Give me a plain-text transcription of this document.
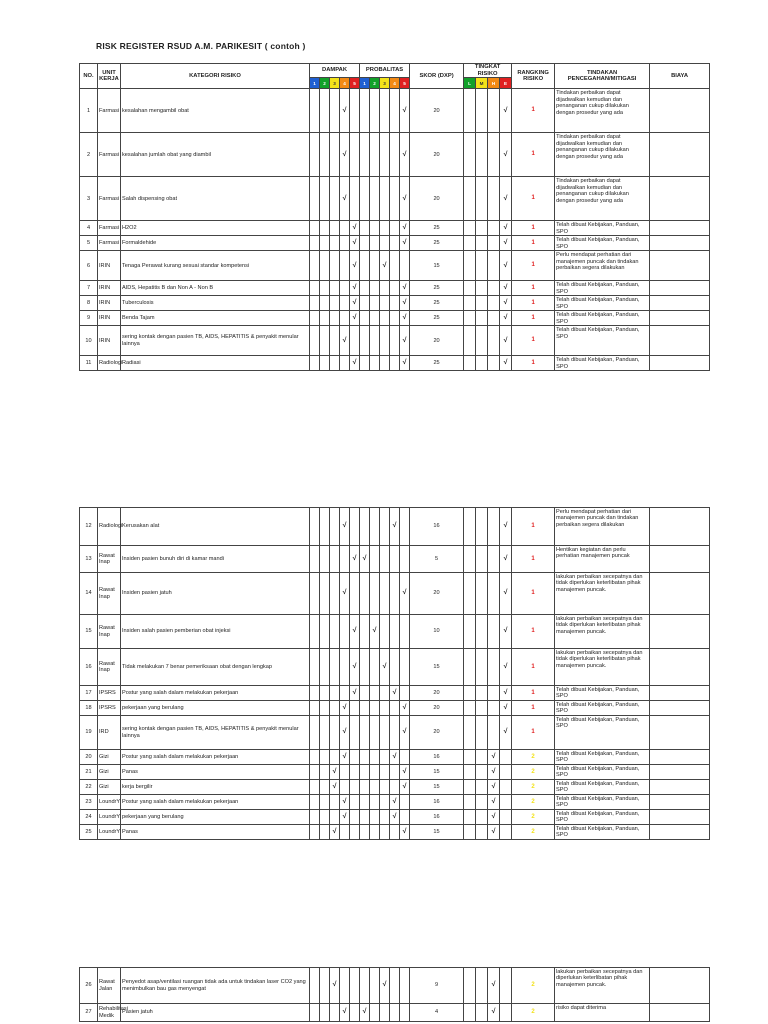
RISK REGISTER RSUD A.M. PARIKESIT ( contoh )
NO.	UNIT KERJA	KATEGORI RISIKO	DAMPAK					PROBALITAS					SKOR (DXP)	TINGKAT RISIKO				RANGKING RISIKO	TINDAKAN PENCEGAHAN/MITIGASI	BIAYA
			1	2	3	4	5	1	2	3	4	5		L	M	H	E			
1	Farmasi	kesalahan mengambil obat				√						√	20				√	1	Tindakan perbaikan dapat dijadwalkan kemudian dan penanganan cukup dilakukan dengan prosedur yang ada	
2	Farmasi	kesalahan jumlah obat yang diambil				√						√	20				√	1	Tindakan perbaikan dapat dijadwalkan kemudian dan penanganan cukup dilakukan dengan prosedur yang ada	
3	Farmasi	Salah dispensing obat				√						√	20				√	1	Tindakan perbaikan dapat dijadwalkan kemudian dan penanganan cukup dilakukan dengan prosedur yang ada	
4	Farmasi	H2O2					√					√	25				√	1	Telah dibuat Kebijakan, Panduan, SPO	
5	Farmasi	Formaldehide					√					√	25				√	1	Telah dibuat Kebijakan, Panduan, SPO	
6	IRIN	Tenaga Perawat kurang sesuai standar kompetensi					√			√			15				√	1	Perlu mendapat perhatian dari manajemen puncak dan tindakan perbaikan segera dilakukan	
7	IRIN	AIDS, Hepatitis B dan Non A - Non B					√					√	25				√	1	Telah dibuat Kebijakan, Panduan, SPO	
8	IRIN	Tuberculosis					√					√	25				√	1	Telah dibuat Kebijakan, Panduan, SPO	
9	IRIN	Benda Tajam					√					√	25				√	1	Telah dibuat Kebijakan, Panduan, SPO	
10	IRIN	sering kontak dengan pasien TB, AIDS, HEPATITIS & penyakit menular lainnya				√						√	20				√	1	Telah dibuat Kebijakan, Panduan, SPO	
11	Radiologi	Radiasi					√					√	25				√	1	Telah dibuat Kebijakan, Panduan, SPO	
12	Radiologi	Kerusakan alat				√					√		16				√	1	Perlu mendapat perhatian dari manajemen puncak dan tindakan perbaikan segera dilakukan	
13	Rawat Inap	Insiden pasien bunuh diri di kamar mandi					√	√					5				√	1	Hentikan kegiatan dan perlu perhatian manajemen puncak	
14	Rawat Inap	Insiden pasien jatuh				√						√	20				√	1	lakukan perbaikan secepatnya dan tidak diperlukan keterlibatan pihak manajemen puncak.	
15	Rawat Inap	Insiden salah pasien pemberian obat injeksi					√		√				10				√	1	lakukan perbaikan secepatnya dan tidak diperlukan keterlibatan pihak manajemen puncak.	
16	Rawat Inap	Tidak melakukan 7 benar pemeriksaan obat dengan lengkap					√			√			15				√	1	lakukan perbaikan secepatnya dan tidak diperlukan keterlibatan pihak manajemen puncak.	
17	IPSRS	Postur yang salah dalam melakukan pekerjaan					√				√		20				√	1	Telah dibuat Kebijakan, Panduan, SPO	
18	IPSRS	pekerjaan yang berulang				√						√	20				√	1	Telah dibuat Kebijakan, Panduan, SPO	
19	IRD	sering kontak dengan pasien TB, AIDS, HEPATITIS & penyakit menular lainnya				√						√	20				√	1	Telah dibuat Kebijakan, Panduan, SPO	
20	Gizi	Postur yang salah dalam melakukan pekerjaan				√					√		16			√		2	Telah dibuat Kebijakan, Panduan, SPO	
21	Gizi	Panas			√							√	15			√		2	Telah dibuat Kebijakan, Panduan, SPO	
22	Gizi	kerja bergilir			√							√	15			√		2	Telah dibuat Kebijakan, Panduan, SPO	
23	LoundrY	Postur yang salah dalam melakukan pekerjaan				√					√		16			√		2	Telah dibuat Kebijakan, Panduan, SPO	
24	LoundrY	pekerjaan yang berulang				√					√		16			√		2	Telah dibuat Kebijakan, Panduan, SPO	
25	LoundrY	Panas			√							√	15			√		2	Telah dibuat Kebijakan, Panduan, SPO	
26	Rawat Jalan	Penyedot asap/ventilasi ruangan tidak ada untuk tindakan laser CO2 yang menimbulkan bau gas menyengat			√					√			9			√		2	lakukan perbaikan secepatnya dan diperlukan keterlibatan pihak manajemen puncak.	
27	Rehabilitasi Medik	Pasien jatuh				√		√					4			√		2	risiko dapat diterima	
